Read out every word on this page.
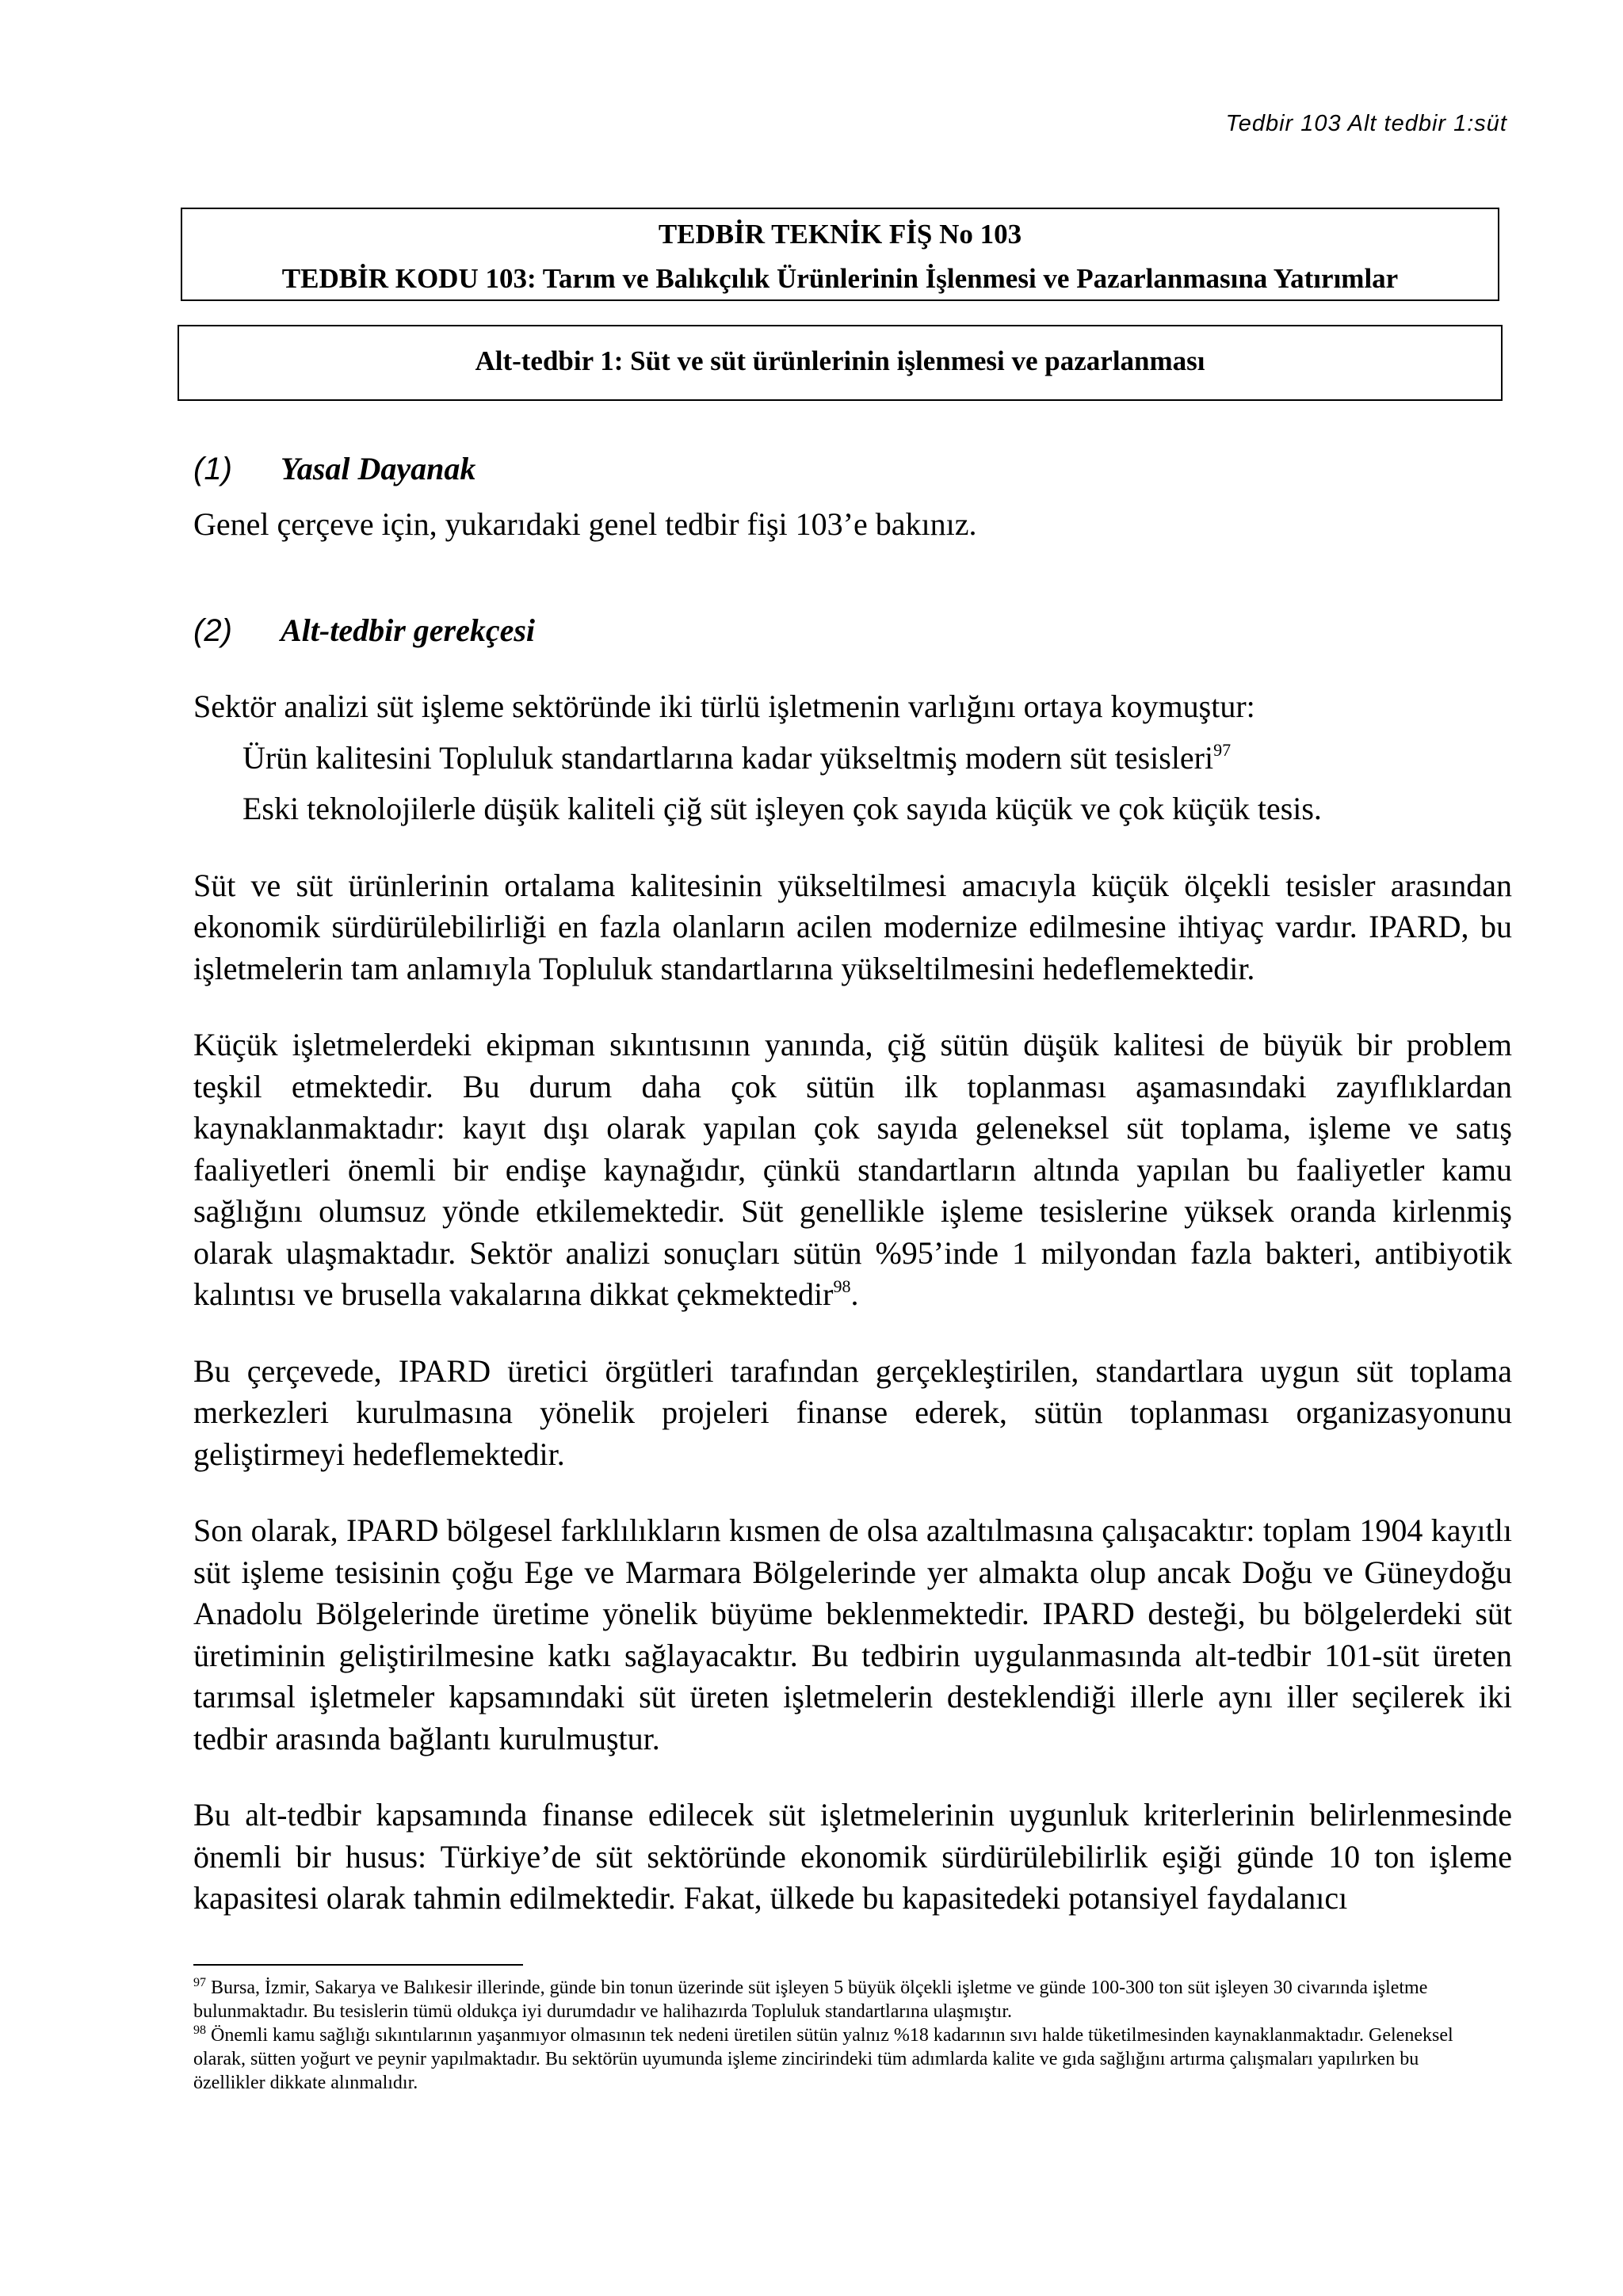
Tedbir 103 Alt tedbir 1:süt
TEDBİR TEKNİK FİŞ No 103
TEDBİR KODU 103: Tarım ve Balıkçılık Ürünlerinin İşlenmesi ve Pazarlanmasına Yatırımlar
Alt-tedbir 1: Süt ve süt ürünlerinin işlenmesi ve pazarlanması
(1) Yasal Dayanak
Genel çerçeve için, yukarıdaki genel tedbir fişi 103’e bakınız.
(2) Alt-tedbir gerekçesi

Sektör analizi süt işleme sektöründe iki türlü işletmenin varlığını ortaya koymuştur:

Ürün kalitesini Topluluk standartlarına kadar yükseltmiş modern süt tesisleri$^{97}$

Eski teknolojilerle düşük kaliteli çiğ süt işleyen çok sayıda küçük ve çok küçük tesis.

Süt ve süt ürünlerinin ortalama kalitesinin yükseltilmesi amacıyla küçük ölçekli tesisler arasından ekonomik sürdürülebilirliği en fazla olanların acilen modernize edilmesine ihtiyaç vardır. IPARD, bu işletmelerin tam anlamıyla Topluluk standartlarına yükseltilmesini hedeflemektedir.

Küçük işletmelerdeki ekipman sıkıntısının yanında, çiğ sütün düşük kalitesi de büyük bir problem teşkil etmektedir. Bu durum daha çok sütün ilk toplanması aşamasındaki zayıflıklardan kaynaklanmaktadır: kayıt dışı olarak yapılan çok sayıda geleneksel süt toplama, işleme ve satış faaliyetleri önemli bir endişe kaynağıdır, çünkü standartların altında yapılan bu faaliyetler kamu sağlığını olumsuz yönde etkilemektedir. Süt genellikle işleme tesislerine yüksek oranda kirlenmiş olarak ulaşmaktadır. Sektör analizi sonuçları sütün %95’inde 1 milyondan fazla bakteri, antibiyotik kalıntısı ve brusella vakalarına dikkat çekmektedir$^{98}$.

Bu çerçevede, IPARD üretici örgütleri tarafından gerçekleştirilen, standartlara uygun süt toplama merkezleri kurulmasına yönelik projeleri finanse ederek, sütün toplanması organizasyonunu geliştirmeyi hedeflemektedir.

Son olarak, IPARD bölgesel farklılıkların kısmen de olsa azaltılmasına çalışacaktır: toplam 1904 kayıtlı süt işleme tesisinin çoğu Ege ve Marmara Bölgelerinde yer almakta olup ancak Doğu ve Güneydoğu Anadolu Bölgelerinde üretime yönelik büyüme beklenmektedir. IPARD desteği, bu bölgelerdeki süt üretiminin geliştirilmesine katkı sağlayacaktır. Bu tedbirin uygulanmasında alt-tedbir 101-süt üreten tarımsal işletmeler kapsamındaki süt üreten işletmelerin desteklendiği illerle aynı iller seçilerek iki tedbir arasında bağlantı kurulmuştur.

Bu alt-tedbir kapsamında finanse edilecek süt işletmelerinin uygunluk kriterlerinin belirlenmesinde önemli bir husus: Türkiye’de süt sektöründe ekonomik sürdürülebilirlik eşiği günde 10 ton işleme kapasitesi olarak tahmin edilmektedir. Fakat, ülkede bu kapasitedeki potansiyel faydalanıcı

$^{97}$ Bursa, İzmir, Sakarya ve Balıkesir illerinde, günde bin tonun üzerinde süt işleyen 5 büyük ölçekli işletme ve günde 100-300 ton süt işleyen 30 civarında işletme bulunmaktadır. Bu tesislerin tümü oldukça iyi durumdadır ve halihazırda Topluluk standartlarına ulaşmıştır.

$^{98}$ Önemli kamu sağlığı sıkıntılarının yaşanmıyor olmasının tek nedeni üretilen sütün yalnız %18 kadarının sıvı halde tüketilmesinden kaynaklanmaktadır. Geleneksel olarak, sütten yoğurt ve peynir yapılmaktadır. Bu sektörün uyumunda işleme zincirindeki tüm adımlarda kalite ve gıda sağlığını artırma çalışmaları yapılırken bu özellikler dikkate alınmalıdır.
